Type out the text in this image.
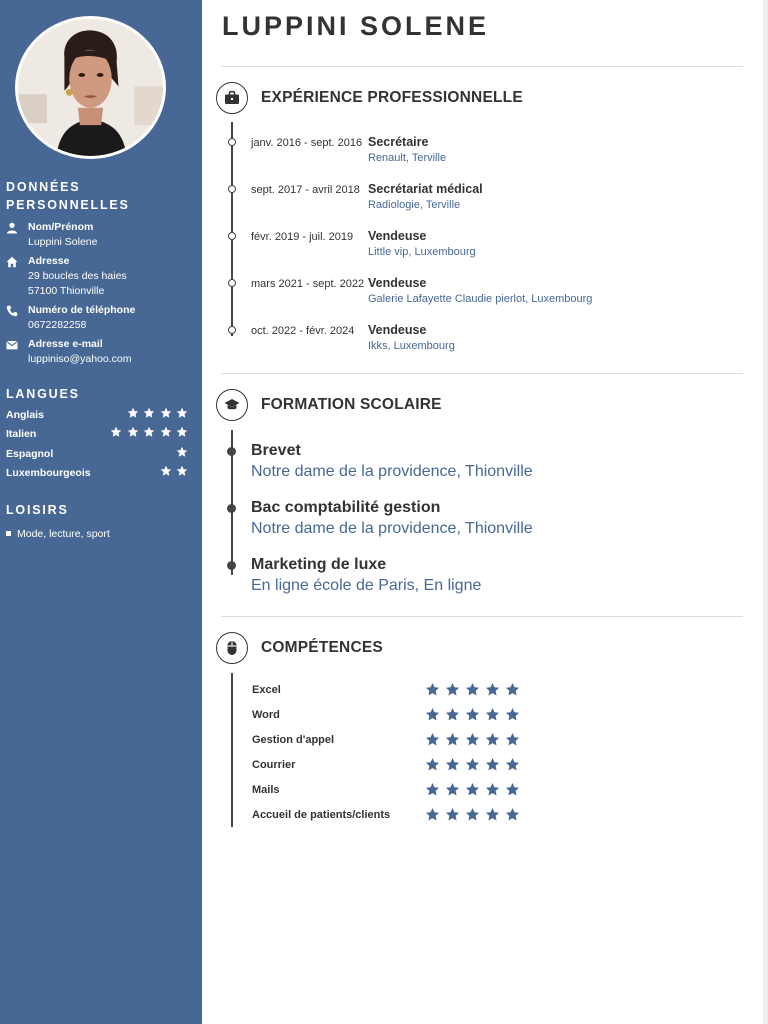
DONNÉES
PERSONNELLES
Nom/Prénom
Luppini Solene
Adresse
29 boucles des haies
57100 Thionville
Numéro de téléphone
0672282258
Adresse e-mail
luppiniso@yahoo.com
LANGUES
Anglais
Italien
Espagnol
Luxembourgeois
LOISIRS
Mode, lecture, sport
LUPPINI SOLENE
EXPÉRIENCE PROFESSIONNELLE
janv. 2016 - sept. 2016 Secrétaire
Renault, Terville
sept. 2017 - avril 2018 Secrétariat médical
Radiologie, Terville
févr. 2019 - juil. 2019 Vendeuse
Little vip, Luxembourg
mars 2021 - sept. 2022 Vendeuse
Galerie Lafayette Claudie pierlot, Luxembourg
oct. 2022 - févr. 2024 Vendeuse
Ikks, Luxembourg
FORMATION SCOLAIRE
Brevet
Notre dame de la providence, Thionville
Bac comptabilité gestion
Notre dame de la providence, Thionville
Marketing de luxe
En ligne école de Paris, En ligne
COMPÉTENCES
Excel
Word
Gestion d'appel
Courrier
Mails
Accueil de patients/clients
